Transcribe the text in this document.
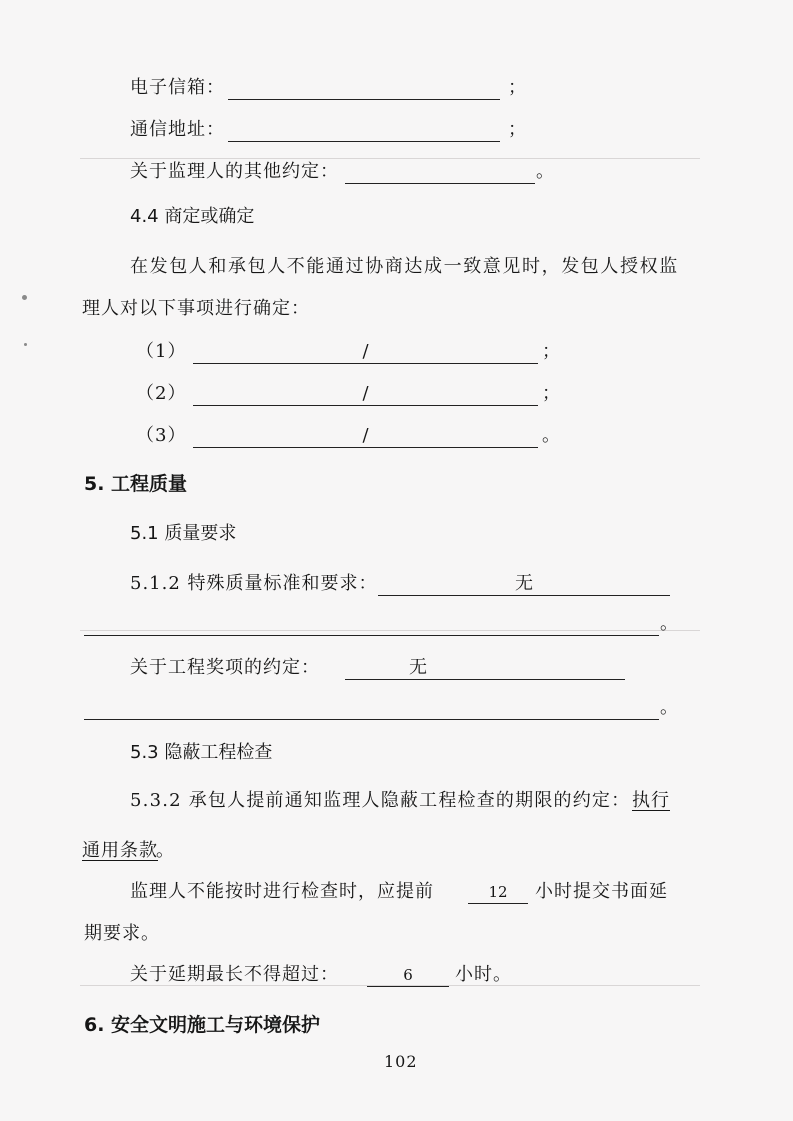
电子信箱：	；
通信地址：	；
关于监理人的其他约定：	。
4.4 商定或确定
在发包人和承包人不能通过协商达成一致意见时，发包人授权监
理人对以下事项进行确定：
（1）	/	；
（2）	/	；
（3）	/	。
5. 工程质量
5.1 质量要求
5.1.2 特殊质量标准和要求：	无
。
关于工程奖项的约定：	无
。
5.3 隐蔽工程检查
5.3.2 承包人提前通知监理人隐蔽工程检查的期限的约定： 执行
通用条款
。
监理人不能按时进行检查时，应提前	12	小时提交书面延
期要求。
关于延期最长不得超过：	6	小时。
6. 安全文明施工与环境保护
102
